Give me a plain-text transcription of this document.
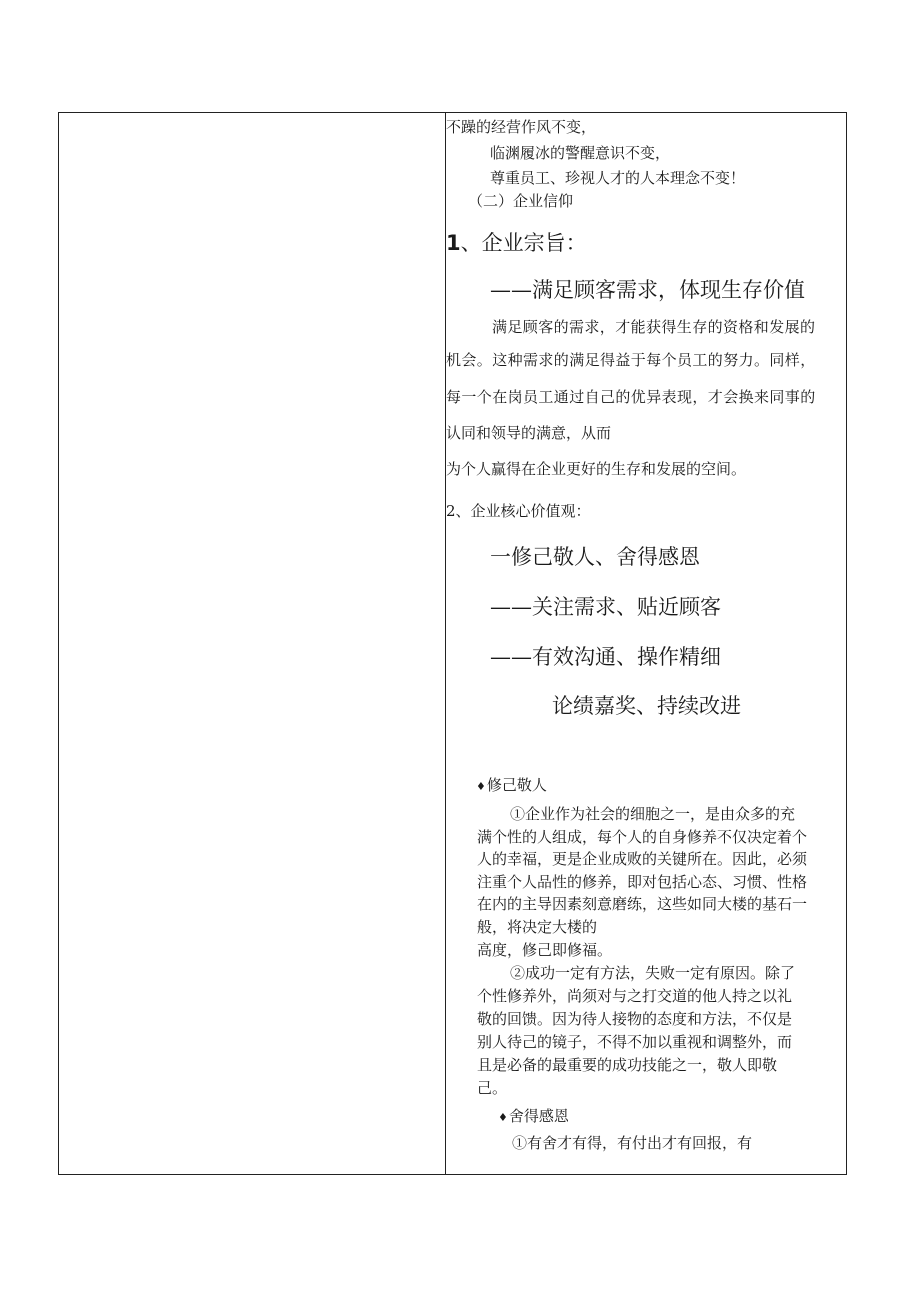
不躁的经营作风不变，
临渊履冰的警醒意识不变，
尊重员工、珍视人才的人本理念不变！
（二）企业信仰
1、企业宗旨：
——满足顾客需求，体现生存价值
满足顾客的需求，才能获得生存的资格和发展的
机会。这种需求的满足得益于每个员工的努力。同样，
每一个在岗员工通过自己的优异表现，才会换来同事的
认同和领导的满意，从而
为个人赢得在企业更好的生存和发展的空间。
2、企业核心价值观：
一修己敬人、舍得感恩
——关注需求、贴近顾客
——有效沟通、操作精细
论绩嘉奖、持续改进
♦修己敬人
①企业作为社会的细胞之一，是由众多的充
满个性的人组成，每个人的自身修养不仅决定着个
人的幸福，更是企业成败的关键所在。因此，必须
注重个人品性的修养，即对包括心态、习惯、性格
在内的主导因素刻意磨练，这些如同大楼的基石一
般，将决定大楼的
高度，修己即修福。
②成功一定有方法，失败一定有原因。除了
个性修养外，尚须对与之打交道的他人持之以礼
敬的回馈。因为待人接物的态度和方法，不仅是
别人待己的镜子，不得不加以重视和调整外，而
且是必备的最重要的成功技能之一，敬人即敬
己。
♦舍得感恩
①有舍才有得，有付出才有回报，有
